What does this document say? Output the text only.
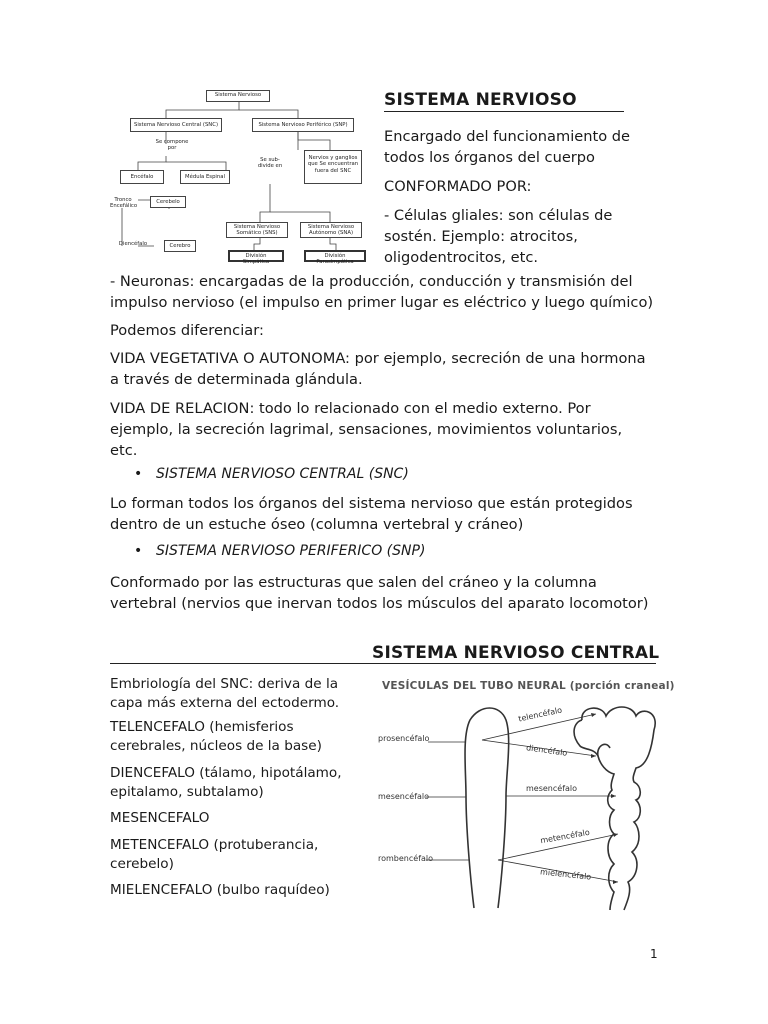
Sistema Nervioso
Sistema Nervioso Central (SNC)	Sistema Nervioso Periférico (SNP)
Se compone por
Se sub-divide en
Nervios y ganglios que Se encuentran fuera del SNC
Encéfalo	Médula Espinal
Tronco Encefálico
Cerebelo
Diencéfalo	Cerebro
Sistema Nervioso Somático (SNS)
Sistema Nervioso Autónomo (SNA)
División Simpática
División Parasimpática
SISTEMA NERVIOSO

Encargado del funcionamiento de todos los órganos del cuerpo

CONFORMADO POR:

- Células gliales: son células de sostén. Ejemplo: atrocitos, oligodentrocitos, etc.

- Neuronas: encargadas de la producción, conducción y transmisión del impulso nervioso (el impulso en primer lugar es eléctrico y luego químico)

Podemos diferenciar:

VIDA VEGETATIVA O AUTONOMA: por ejemplo, secreción de una hormona a través de determinada glándula.

VIDA DE RELACION: todo lo relacionado con el medio externo. Por ejemplo, la secreción lagrimal, sensaciones, movimientos voluntarios, etc.

• SISTEMA NERVIOSO CENTRAL (SNC)

Lo forman todos los órganos del sistema nervioso que están protegidos dentro de un estuche óseo (columna vertebral y cráneo)

• SISTEMA NERVIOSO PERIFERICO (SNP)

Conformado por las estructuras que salen del cráneo y la columna vertebral (nervios que inervan todos los músculos del aparato locomotor)

SISTEMA NERVIOSO CENTRAL

Embriología del SNC: deriva de la capa más externa del ectodermo.

TELENCEFALO (hemisferios cerebrales, núcleos de la base)

DIENCEFALO (tálamo, hipotálamo, epitalamo, subtalamo)

MESENCEFALO

METENCEFALO (protuberancia, cerebelo)

MIELENCEFALO (bulbo raquídeo)

VESÍCULAS DEL TUBO NEURAL (porción craneal)
prosencéfalo
mesencéfalo
rombencéfalo
telencéfalo
diencéfalo
mesencéfalo
metencéfalo
mielencéfalo
1
